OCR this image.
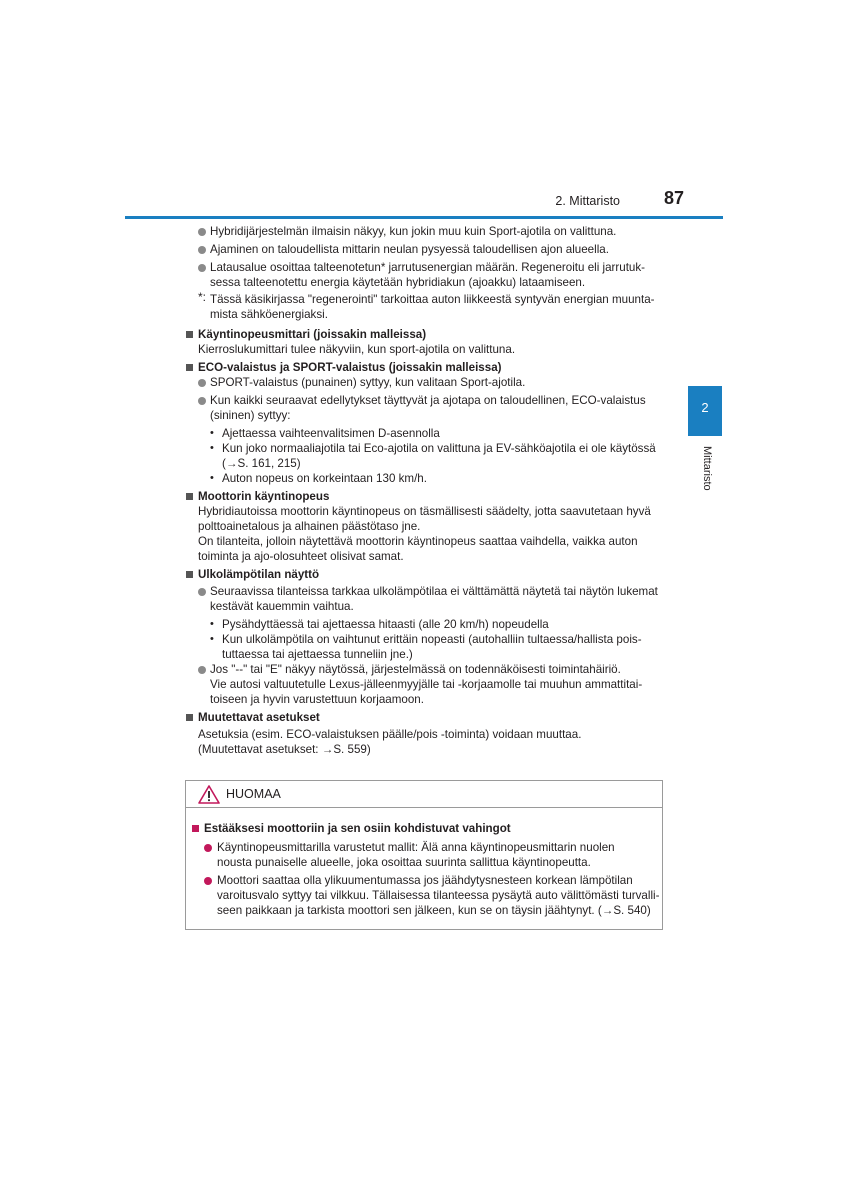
2. Mittaristo	87
2
Mittaristo
Hybridijärjestelmän ilmaisin näkyy, kun jokin muu kuin Sport-ajotila on valittuna.
Ajaminen on taloudellista mittarin neulan pysyessä taloudellisen ajon alueella.
Latausalue osoittaa talteenotetun* jarrutusenergian määrän. Regeneroitu eli jarrutuk-
sessa talteenotettu energia käytetään hybridiakun (ajoakku) lataamiseen.
*: Tässä käsikirjassa "regenerointi" tarkoittaa auton liikkeestä syntyvän energian muunta-
mista sähköenergiaksi.
Käyntinopeusmittari (joissakin malleissa)
Kierroslukumittari tulee näkyviin, kun sport-ajotila on valittuna.
ECO-valaistus ja SPORT-valaistus (joissakin malleissa)
SPORT-valaistus (punainen) syttyy, kun valitaan Sport-ajotila.
Kun kaikki seuraavat edellytykset täyttyvät ja ajotapa on taloudellinen, ECO-valaistus
(sininen) syttyy:
• Ajettaessa vaihteenvalitsimen D-asennolla
• Kun joko normaaliajotila tai Eco-ajotila on valittuna ja EV-sähköajotila ei ole käytössä
(→S. 161, 215)
• Auton nopeus on korkeintaan 130 km/h.
Moottorin käyntinopeus
Hybridiautoissa moottorin käyntinopeus on täsmällisesti säädelty, jotta saavutetaan hyvä
polttoainetalous ja alhainen päästötaso jne.
On tilanteita, jolloin näytettävä moottorin käyntinopeus saattaa vaihdella, vaikka auton
toiminta ja ajo-olosuhteet olisivat samat.
Ulkolämpötilan näyttö
Seuraavissa tilanteissa tarkkaa ulkolämpötilaa ei välttämättä näytetä tai näytön lukemat
kestävät kauemmin vaihtua.
• Pysähdyttäessä tai ajettaessa hitaasti (alle 20 km/h) nopeudella
• Kun ulkolämpötila on vaihtunut erittäin nopeasti (autohalliin tultaessa/hallista pois-
tuttaessa tai ajettaessa tunneliin jne.)
Jos "--" tai "E" näkyy näytössä, järjestelmässä on todennäköisesti toimintahäiriö.
Vie autosi valtuutetulle Lexus-jälleenmyyjälle tai -korjaamolle tai muuhun ammattitai-
toiseen ja hyvin varustettuun korjaamoon.
Muutettavat asetukset
Asetuksia (esim. ECO-valaistuksen päälle/pois -toiminta) voidaan muuttaa.
(Muutettavat asetukset: →S. 559)
HUOMAA
Estääksesi moottoriin ja sen osiin kohdistuvat vahingot
Käyntinopeusmittarilla varustetut mallit: Älä anna käyntinopeusmittarin nuolen
nousta punaiselle alueelle, joka osoittaa suurinta sallittua käyntinopeutta.
Moottori saattaa olla ylikuumentumassa jos jäähdytysnesteen korkean lämpötilan
varoitusvalo syttyy tai vilkkuu. Tällaisessa tilanteessa pysäytä auto välittömästi turvalli-
seen paikkaan ja tarkista moottori sen jälkeen, kun se on täysin jäähtynyt. (→S. 540)
